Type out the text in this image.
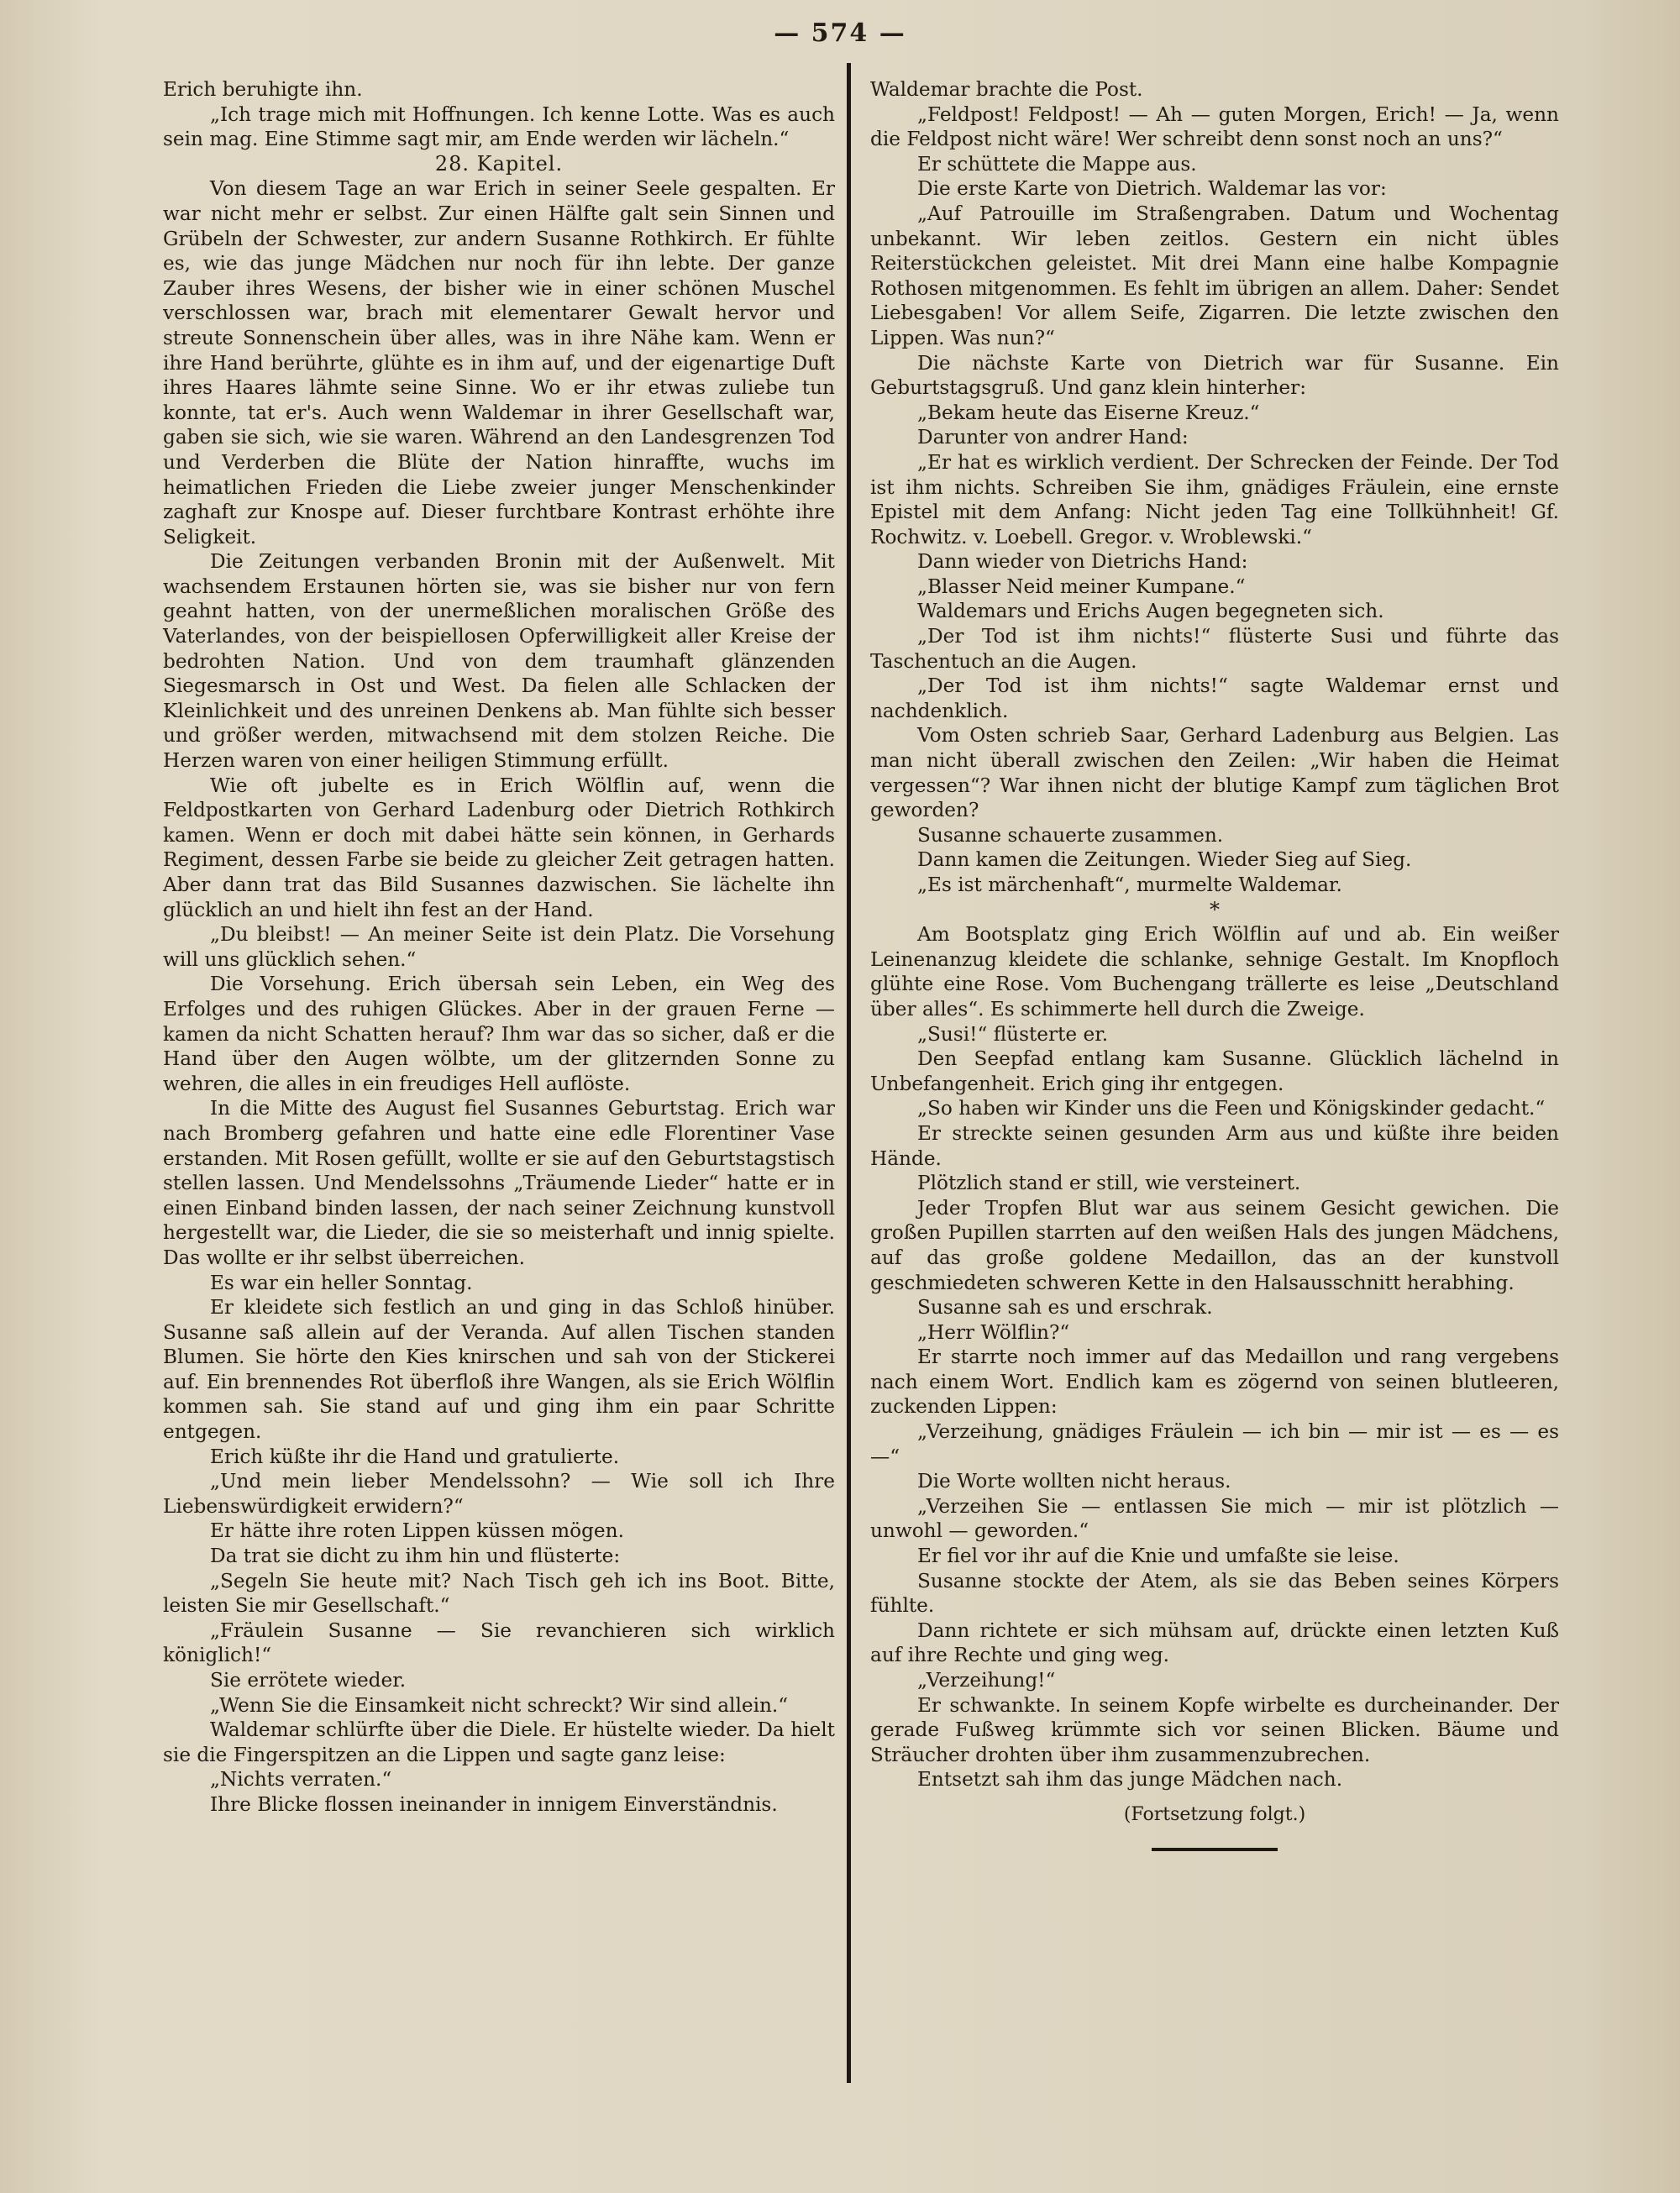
— 574 —

Erich beruhigte ihn.

„Ich trage mich mit Hoffnungen. Ich kenne Lotte. Was es auch sein mag. Eine Stimme sagt mir, am Ende werden wir lächeln.“

28. Kapitel.

Von diesem Tage an war Erich in seiner Seele gespalten. Er war nicht mehr er selbst. Zur einen Hälfte galt sein Sinnen und Grübeln der Schwester, zur andern Susanne Rothkirch. Er fühlte es, wie das junge Mädchen nur noch für ihn lebte. Der ganze Zauber ihres Wesens, der bisher wie in einer schönen Muschel verschlossen war, brach mit elementarer Gewalt hervor und streute Sonnenschein über alles, was in ihre Nähe kam. Wenn er ihre Hand berührte, glühte es in ihm auf, und der eigenartige Duft ihres Haares lähmte seine Sinne. Wo er ihr etwas zuliebe tun konnte, tat er's. Auch wenn Waldemar in ihrer Gesellschaft war, gaben sie sich, wie sie waren. Während an den Landesgrenzen Tod und Verderben die Blüte der Nation hinraffte, wuchs im heimatlichen Frieden die Liebe zweier junger Menschenkinder zaghaft zur Knospe auf. Dieser furchtbare Kontrast erhöhte ihre Seligkeit.

Die Zeitungen verbanden Bronin mit der Außenwelt. Mit wachsendem Erstaunen hörten sie, was sie bisher nur von fern geahnt hatten, von der unermeßlichen moralischen Größe des Vaterlandes, von der beispiellosen Opferwilligkeit aller Kreise der bedrohten Nation. Und von dem traumhaft glänzenden Siegesmarsch in Ost und West. Da fielen alle Schlacken der Kleinlichkeit und des unreinen Denkens ab. Man fühlte sich besser und größer werden, mitwachsend mit dem stolzen Reiche. Die Herzen waren von einer heiligen Stimmung erfüllt.

Wie oft jubelte es in Erich Wölflin auf, wenn die Feldpostkarten von Gerhard Ladenburg oder Dietrich Rothkirch kamen. Wenn er doch mit dabei hätte sein können, in Gerhards Regiment, dessen Farbe sie beide zu gleicher Zeit getragen hatten. Aber dann trat das Bild Susannes dazwischen. Sie lächelte ihn glücklich an und hielt ihn fest an der Hand.

„Du bleibst! — An meiner Seite ist dein Platz. Die Vorsehung will uns glücklich sehen.“

Die Vorsehung. Erich übersah sein Leben, ein Weg des Erfolges und des ruhigen Glückes. Aber in der grauen Ferne — kamen da nicht Schatten herauf? Ihm war das so sicher, daß er die Hand über den Augen wölbte, um der glitzernden Sonne zu wehren, die alles in ein freudiges Hell auflöste.

In die Mitte des August fiel Susannes Geburtstag. Erich war nach Bromberg gefahren und hatte eine edle Florentiner Vase erstanden. Mit Rosen gefüllt, wollte er sie auf den Geburtstagstisch stellen lassen. Und Mendelssohns „Träumende Lieder“ hatte er in einen Einband binden lassen, der nach seiner Zeichnung kunstvoll hergestellt war, die Lieder, die sie so meisterhaft und innig spielte. Das wollte er ihr selbst überreichen.

Es war ein heller Sonntag.

Er kleidete sich festlich an und ging in das Schloß hinüber. Susanne saß allein auf der Veranda. Auf allen Tischen standen Blumen. Sie hörte den Kies knirschen und sah von der Stickerei auf. Ein brennendes Rot überfloß ihre Wangen, als sie Erich Wölflin kommen sah. Sie stand auf und ging ihm ein paar Schritte entgegen.

Erich küßte ihr die Hand und gratulierte.

„Und mein lieber Mendelssohn? — Wie soll ich Ihre Liebenswürdigkeit erwidern?“

Er hätte ihre roten Lippen küssen mögen.

Da trat sie dicht zu ihm hin und flüsterte:

„Segeln Sie heute mit? Nach Tisch geh ich ins Boot. Bitte, leisten Sie mir Gesellschaft.“

„Fräulein Susanne — Sie revanchieren sich wirklich königlich!“

Sie errötete wieder.

„Wenn Sie die Einsamkeit nicht schreckt? Wir sind allein.“

Waldemar schlürfte über die Diele. Er hüstelte wieder. Da hielt sie die Fingerspitzen an die Lippen und sagte ganz leise:

„Nichts verraten.“

Ihre Blicke flossen ineinander in innigem Einverständnis.

Waldemar brachte die Post.

„Feldpost! Feldpost! — Ah — guten Morgen, Erich! — Ja, wenn die Feldpost nicht wäre! Wer schreibt denn sonst noch an uns?“

Er schüttete die Mappe aus.

Die erste Karte von Dietrich. Waldemar las vor:

„Auf Patrouille im Straßengraben. Datum und Wochentag unbekannt. Wir leben zeitlos. Gestern ein nicht übles Reiterstückchen geleistet. Mit drei Mann eine halbe Kompagnie Rothosen mitgenommen. Es fehlt im übrigen an allem. Daher: Sendet Liebesgaben! Vor allem Seife, Zigarren. Die letzte zwischen den Lippen. Was nun?“

Die nächste Karte von Dietrich war für Susanne. Ein Geburtstagsgruß. Und ganz klein hinterher:

„Bekam heute das Eiserne Kreuz.“

Darunter von andrer Hand:

„Er hat es wirklich verdient. Der Schrecken der Feinde. Der Tod ist ihm nichts. Schreiben Sie ihm, gnädiges Fräulein, eine ernste Epistel mit dem Anfang: Nicht jeden Tag eine Tollkühnheit! Gf. Rochwitz. v. Loebell. Gregor. v. Wroblewski.“

Dann wieder von Dietrichs Hand:

„Blasser Neid meiner Kumpane.“

Waldemars und Erichs Augen begegneten sich.

„Der Tod ist ihm nichts!“ flüsterte Susi und führte das Taschentuch an die Augen.

„Der Tod ist ihm nichts!“ sagte Waldemar ernst und nachdenklich.

Vom Osten schrieb Saar, Gerhard Ladenburg aus Belgien. Las man nicht überall zwischen den Zeilen: „Wir haben die Heimat vergessen“? War ihnen nicht der blutige Kampf zum täglichen Brot geworden?

Susanne schauerte zusammen.

Dann kamen die Zeitungen. Wieder Sieg auf Sieg.

„Es ist märchenhaft“, murmelte Waldemar.

*

Am Bootsplatz ging Erich Wölflin auf und ab. Ein weißer Leinenanzug kleidete die schlanke, sehnige Gestalt. Im Knopfloch glühte eine Rose. Vom Buchengang trällerte es leise „Deutschland über alles“. Es schimmerte hell durch die Zweige.

„Susi!“ flüsterte er.

Den Seepfad entlang kam Susanne. Glücklich lächelnd in Unbefangenheit. Erich ging ihr entgegen.

„So haben wir Kinder uns die Feen und Königskinder gedacht.“

Er streckte seinen gesunden Arm aus und küßte ihre beiden Hände.

Plötzlich stand er still, wie versteinert.

Jeder Tropfen Blut war aus seinem Gesicht gewichen. Die großen Pupillen starrten auf den weißen Hals des jungen Mädchens, auf das große goldene Medaillon, das an der kunstvoll geschmiedeten schweren Kette in den Halsausschnitt herabhing.

Susanne sah es und erschrak.

„Herr Wölflin?“

Er starrte noch immer auf das Medaillon und rang vergebens nach einem Wort. Endlich kam es zögernd von seinen blutleeren, zuckenden Lippen:

„Verzeihung, gnädiges Fräulein — ich bin — mir ist — es — es —“

Die Worte wollten nicht heraus.

„Verzeihen Sie — entlassen Sie mich — mir ist plötzlich — unwohl — geworden.“

Er fiel vor ihr auf die Knie und umfaßte sie leise.

Susanne stockte der Atem, als sie das Beben seines Körpers fühlte.

Dann richtete er sich mühsam auf, drückte einen letzten Kuß auf ihre Rechte und ging weg.

„Verzeihung!“

Er schwankte. In seinem Kopfe wirbelte es durcheinander. Der gerade Fußweg krümmte sich vor seinen Blicken. Bäume und Sträucher drohten über ihm zusammenzubrechen.

Entsetzt sah ihm das junge Mädchen nach.

(Fortsetzung folgt.)
